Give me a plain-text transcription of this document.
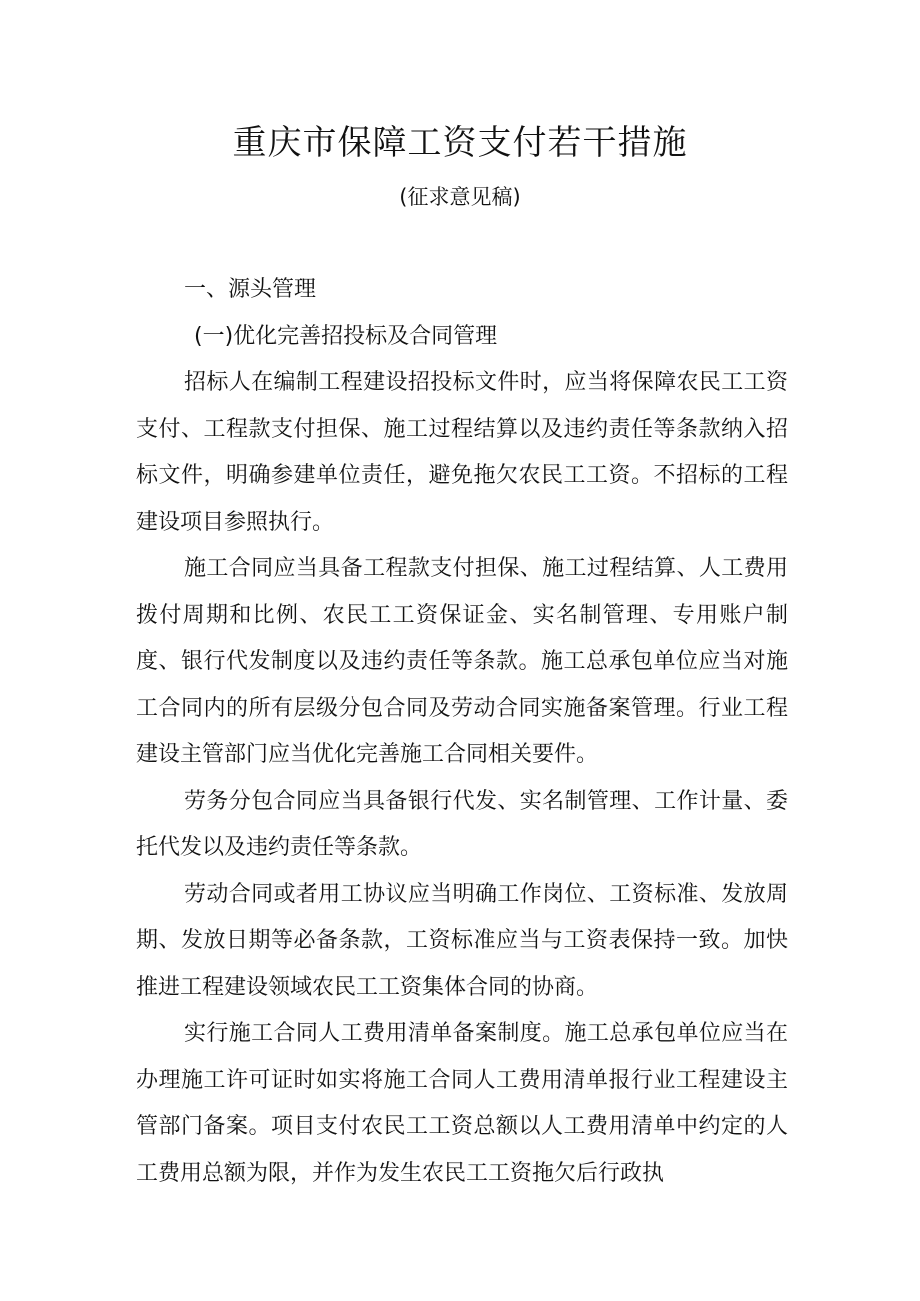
重庆市保障工资支付若干措施
(征求意见稿)

一、源头管理

(一)优化完善招投标及合同管理

招标人在编制工程建设招投标文件时，应当将保障农民工工资支付、工程款支付担保、施工过程结算以及违约责任等条款纳入招标文件，明确参建单位责任，避免拖欠农民工工资。不招标的工程建设项目参照执行。

施工合同应当具备工程款支付担保、施工过程结算、人工费用拨付周期和比例、农民工工资保证金、实名制管理、专用账户制度、银行代发制度以及违约责任等条款。施工总承包单位应当对施工合同内的所有层级分包合同及劳动合同实施备案管理。行业工程建设主管部门应当优化完善施工合同相关要件。

劳务分包合同应当具备银行代发、实名制管理、工作计量、委托代发以及违约责任等条款。

劳动合同或者用工协议应当明确工作岗位、工资标准、发放周期、发放日期等必备条款，工资标准应当与工资表保持一致。加快推进工程建设领域农民工工资集体合同的协商。

实行施工合同人工费用清单备案制度。施工总承包单位应当在办理施工许可证时如实将施工合同人工费用清单报行业工程建设主管部门备案。项目支付农民工工资总额以人工费用清单中约定的人工费用总额为限，并作为发生农民工工资拖欠后行政执
